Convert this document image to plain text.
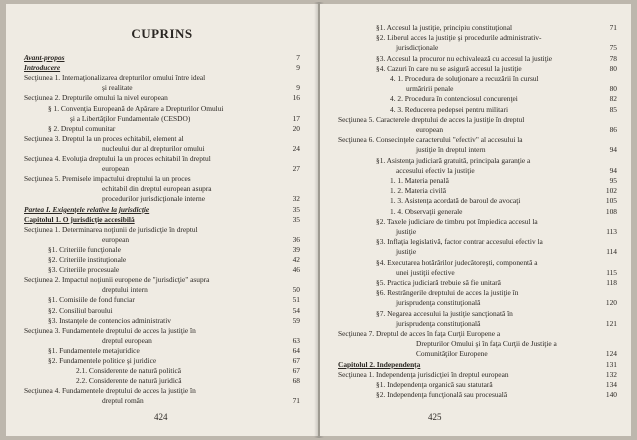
CUPRINS
Avant-propos	7
Introducere	9
Secţiunea 1. Internaţionalizarea drepturilor omului între ideal
şi realitate	9
Secţiunea 2. Drepturile omului la nivel european	16
§ 1. Convenţia Europeană de Apărare a Drepturilor Omului
şi a Libertăţilor Fundamentale (CESDO)	17
§ 2. Dreptul comunitar	20
Secţiunea 3. Dreptul la un proces echitabil, element al
nucleului dur al drepturilor omului	24
Secţiunea 4. Evoluţia dreptului la un proces echitabil în dreptul
european	27
Secţiunea 5. Premisele impactului dreptului la un proces
echitabil din dreptul european asupra
procedurilor jurisdicţionale interne	32
Partea I. Exigenţele relative la jurisdicţie	35
Capitolul 1. O jurisdicţie accesibilă	35
Secţiunea 1. Determinarea noţiunii de jurisdicţie în dreptul
european	36
§1. Criteriile funcţionale	39
§2. Criteriile instituţionale	42
§3. Criteriile procesuale	46
Secţiunea 2. Impactul noţiunii europene de "jurisdicţie" asupra
dreptului intern	50
§1. Comisiile de fond funciar	51
§2. Consiliul baroului	54
§3. Instanţele de contencios administrativ	59
Secţiunea 3. Fundamentele dreptului de acces la justiţie în
dreptul european	63
§1. Fundamentele metajuridice	64
§2. Fundamentele politice şi juridice	67
2.1. Considerente de natură politică	67
2.2. Considerente de natură juridică	68
Secţiunea 4. Fundamentele dreptului de acces la justiţie în
dreptul român	71
424
§1. Accesul la justiţie, principiu constituţional	71
§2. Liberul acces la justiţie şi procedurile administrativ-
jurisdicţionale	75
§3. Accesul la procuror nu echivalează cu accesul la justiţie	78
§4. Cazuri în care nu se asigură accesul la justiţie	80
4. 1. Procedura de soluţionare a recuzării în cursul
urmăririi penale	80
4. 2. Procedura în contenciosul concurenţei	82
4. 3. Reducerea pedepsei pentru militari	85
Secţiunea 5. Caracterele dreptului de acces la justiţie în dreptul
european	86
Secţiunea 6. Consecinţele caracterului "efectiv" al accesului la
justiţie în dreptul intern	94
§1. Asistenţa judiciară gratuită, principala garanţie a
accesului efectiv la justiţie	94
1. 1. Materia penală	95
1. 2. Materia civilă	102
1. 3. Asistenţa acordată de baroul de avocaţi	105
1. 4. Observaţii generale	108
§2. Taxele judiciare de timbru pot împiedica accesul la
justiţie	113
§3. Inflaţia legislativă, factor contrar accesului efectiv la
justiţie	114
§4. Executarea hotărârilor judecătoreşti, componentă a
unei justiţii efective	115
§5. Practica judiciară trebuie să fie unitară	118
§6. Restrângerile dreptului de acces la justiţie în
jurisprudenţa constituţională	120
§7. Negarea accesului la justiţie sancţionată în
jurisprudenţa constituţională	121
Secţiunea 7. Dreptul de acces în faţa Curţii Europene a
Drepturilor Omului şi în faţa Curţii de Justiţie a
Comunităţilor Europene	124
Capitolul 2. Independenţa	131
Secţiunea 1. Independenţa jurisdicţiei în dreptul european	132
§1. Independenţa organică sau statutară	134
§2. Independenţa funcţională sau procesuală	140
425
